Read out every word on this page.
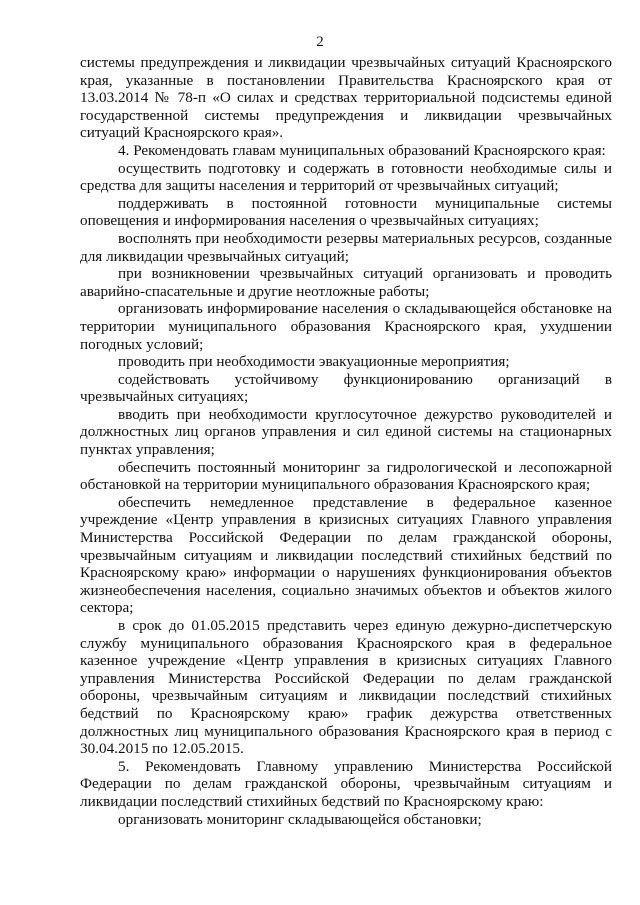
2

системы предупреждения и ликвидации чрезвычайных ситуаций Красноярского края, указанные в постановлении Правительства Красноярского края от 13.03.2014 № 78-п «О силах и средствах территориальной подсистемы единой государственной системы предупреждения и ликвидации чрезвычайных ситуаций Красноярского края».

4. Рекомендовать главам муниципальных образований Красноярского края:

осуществить подготовку и содержать в готовности необходимые силы и средства для защиты населения и территорий от чрезвычайных ситуаций;

поддерживать в постоянной готовности муниципальные системы оповещения и информирования населения о чрезвычайных ситуациях;

восполнять при необходимости резервы материальных ресурсов, созданные для ликвидации чрезвычайных ситуаций;

при возникновении чрезвычайных ситуаций организовать и проводить аварийно-спасательные и другие неотложные работы;

организовать информирование населения о складывающейся обстановке на территории муниципального образования Красноярского края, ухудшении погодных условий;

проводить при необходимости эвакуационные мероприятия;

содействовать устойчивому функционированию организаций в чрезвычайных ситуациях;

вводить при необходимости круглосуточное дежурство руководителей и должностных лиц органов управления и сил единой системы на стационарных пунктах управления;

обеспечить постоянный мониторинг за гидрологической и лесопожарной обстановкой на территории муниципального образования Красноярского края;

обеспечить немедленное представление в федеральное казенное учреждение «Центр управления в кризисных ситуациях Главного управления Министерства Российской Федерации по делам гражданской обороны, чрезвычайным ситуациям и ликвидации последствий стихийных бедствий по Красноярскому краю» информации о нарушениях функционирования объектов жизнеобеспечения населения, социально значимых объектов и объектов жилого сектора;

в срок до 01.05.2015 представить через единую дежурно-диспетчерскую службу муниципального образования Красноярского края в федеральное казенное учреждение «Центр управления в кризисных ситуациях Главного управления Министерства Российской Федерации по делам гражданской обороны, чрезвычайным ситуациям и ликвидации последствий стихийных бедствий по Красноярскому краю» график дежурства ответственных должностных лиц муниципального образования Красноярского края в период с 30.04.2015 по 12.05.2015.

5. Рекомендовать Главному управлению Министерства Российской Федерации по делам гражданской обороны, чрезвычайным ситуациям и ликвидации последствий стихийных бедствий по Красноярскому краю:

организовать мониторинг складывающейся обстановки;
